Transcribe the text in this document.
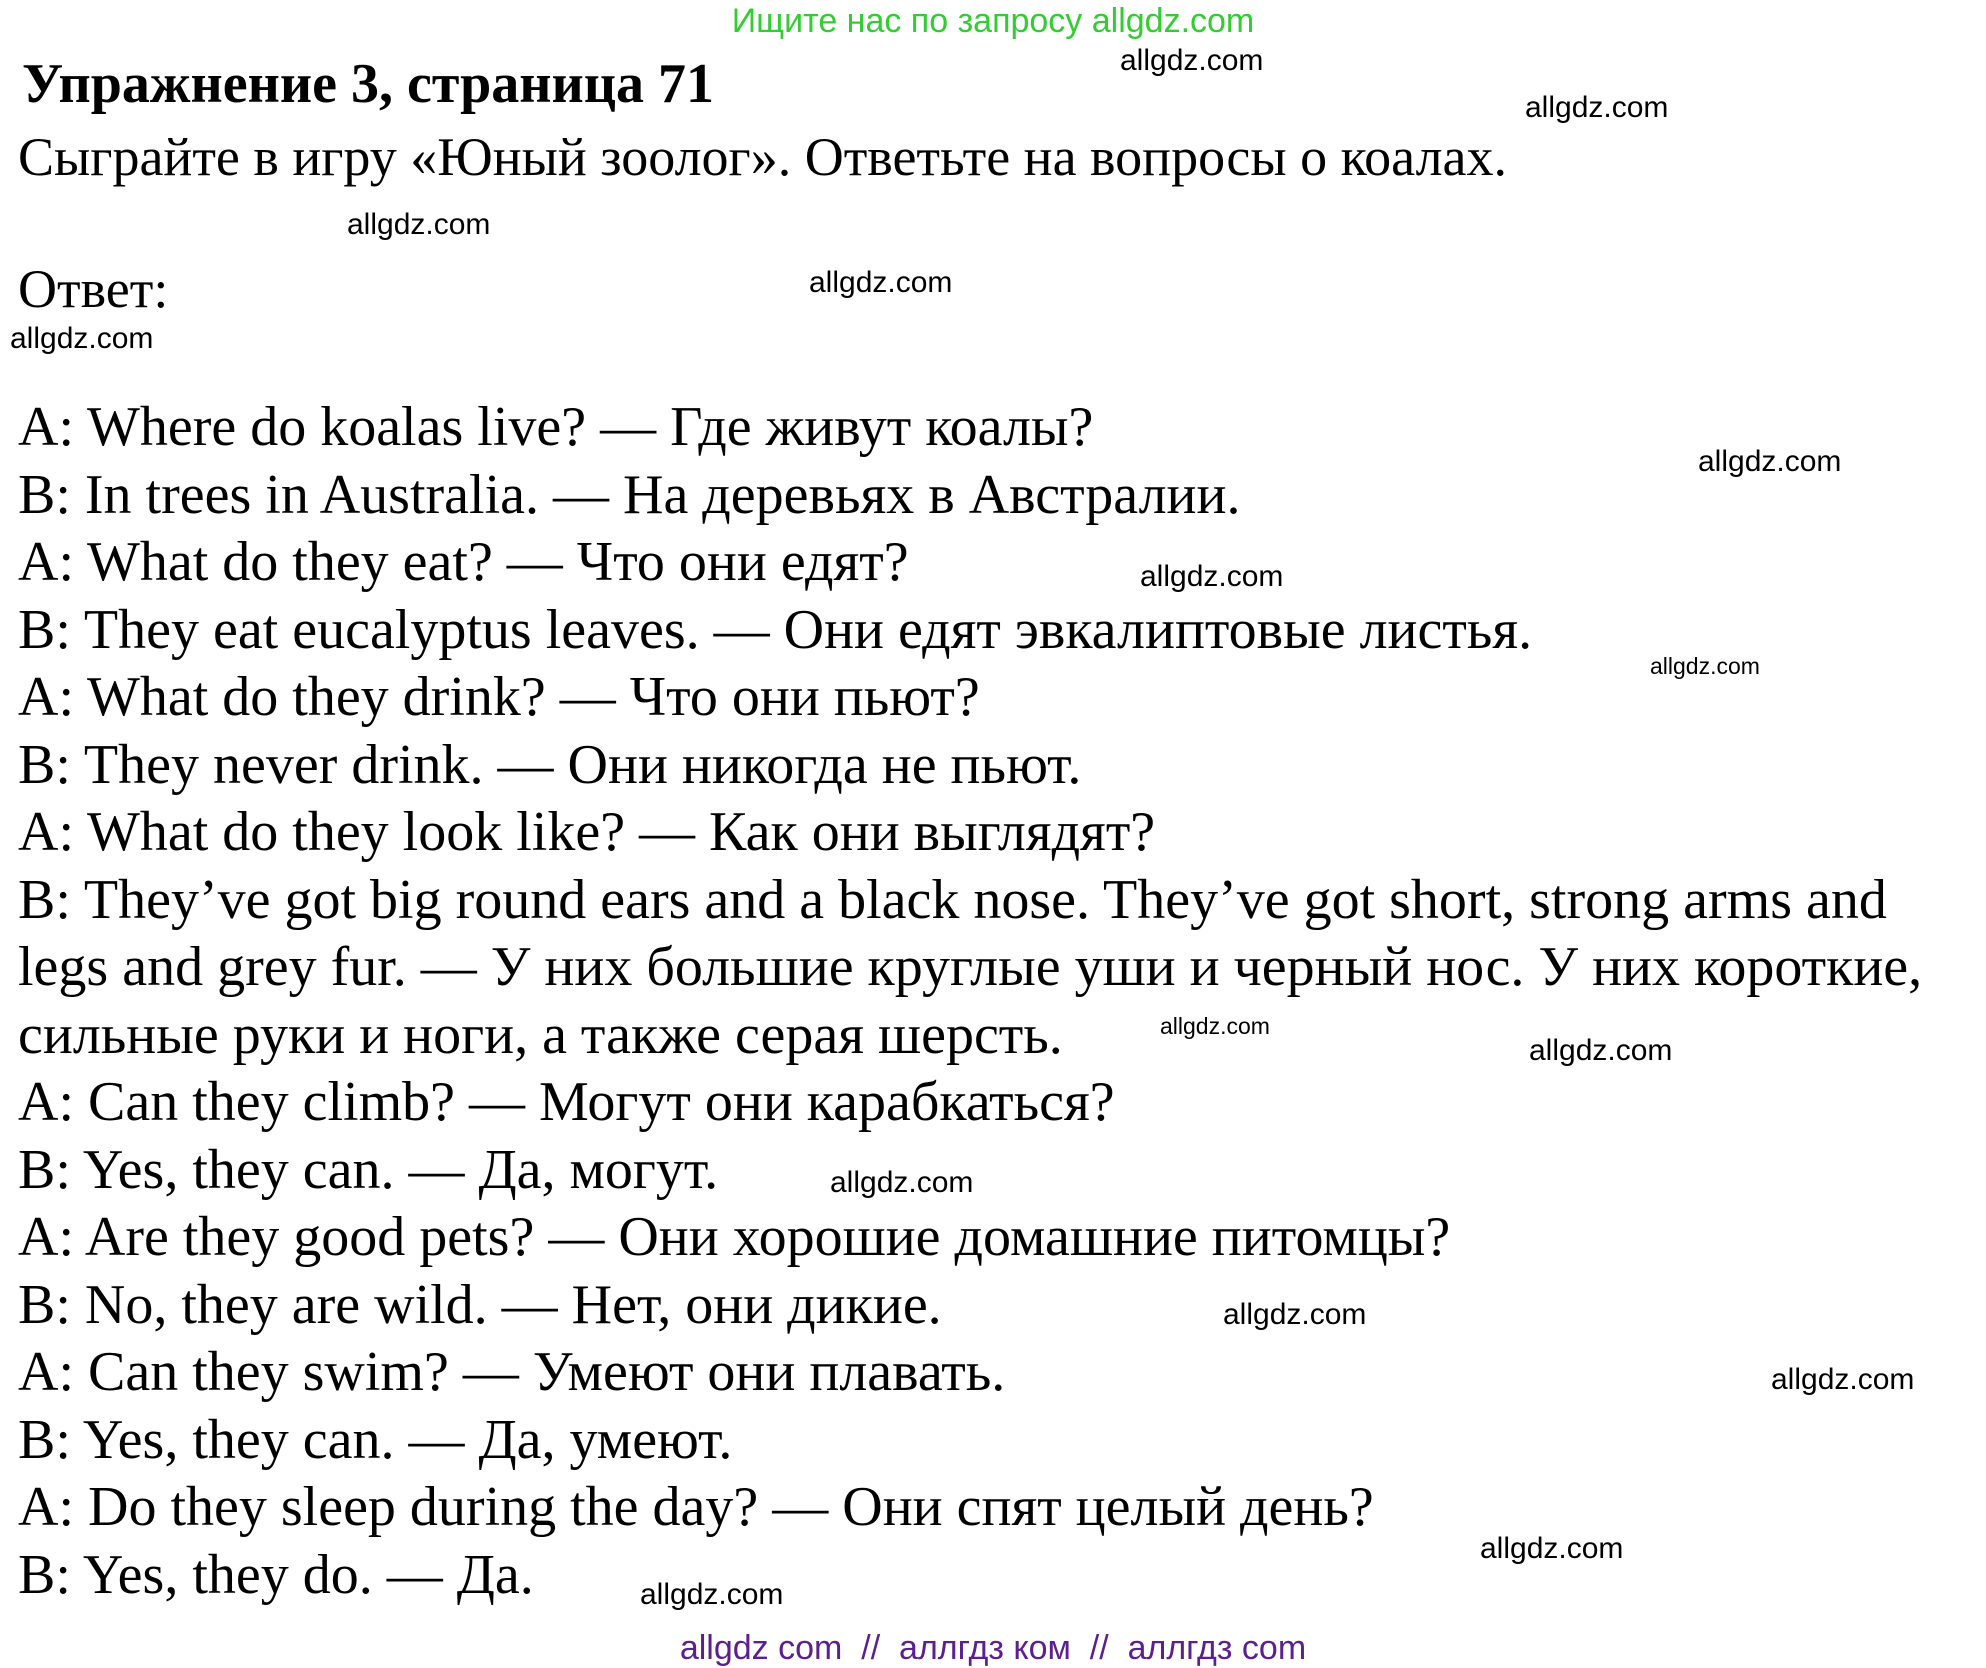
Ищите нас по запросу allgdz.com
Упражнение 3, страница 71
Сыграйте в игру «Юный зоолог». Ответьте на вопросы о коалах.
Ответ:
A: Where do koalas live? — Где живут коалы?
B: In trees in Australia. — На деревьях в Австралии.
A: What do they eat? — Что они едят?
B: They eat eucalyptus leaves. — Они едят эвкалиптовые листья.
A: What do they drink? — Что они пьют?
B: They never drink. — Они никогда не пьют.
A: What do they look like? — Как они выглядят?
B: They’ve got big round ears and a black nose. They’ve got short, strong arms and
legs and grey fur. — У них большие круглые уши и черный нос. У них короткие,
сильные руки и ноги, а также серая шерсть.
A: Can they climb? — Могут они карабкаться?
B: Yes, they can. — Да, могут.
A: Are they good pets? — Они хорошие домашние питомцы?
B: No, they are wild. — Нет, они дикие.
A: Can they swim? — Умеют они плавать.
B: Yes, they can. — Да, умеют.
A: Do they sleep during the day? — Они спят целый день?
B: Yes, they do. — Да.
allgdz.com
allgdz.com
allgdz.com
allgdz.com
allgdz.com
allgdz.com
allgdz.com
allgdz.com
allgdz.com
allgdz.com
allgdz.com
allgdz.com
allgdz.com
allgdz.com
allgdz.com
allgdz com  //  аллгдз ком  //  аллгдз com
